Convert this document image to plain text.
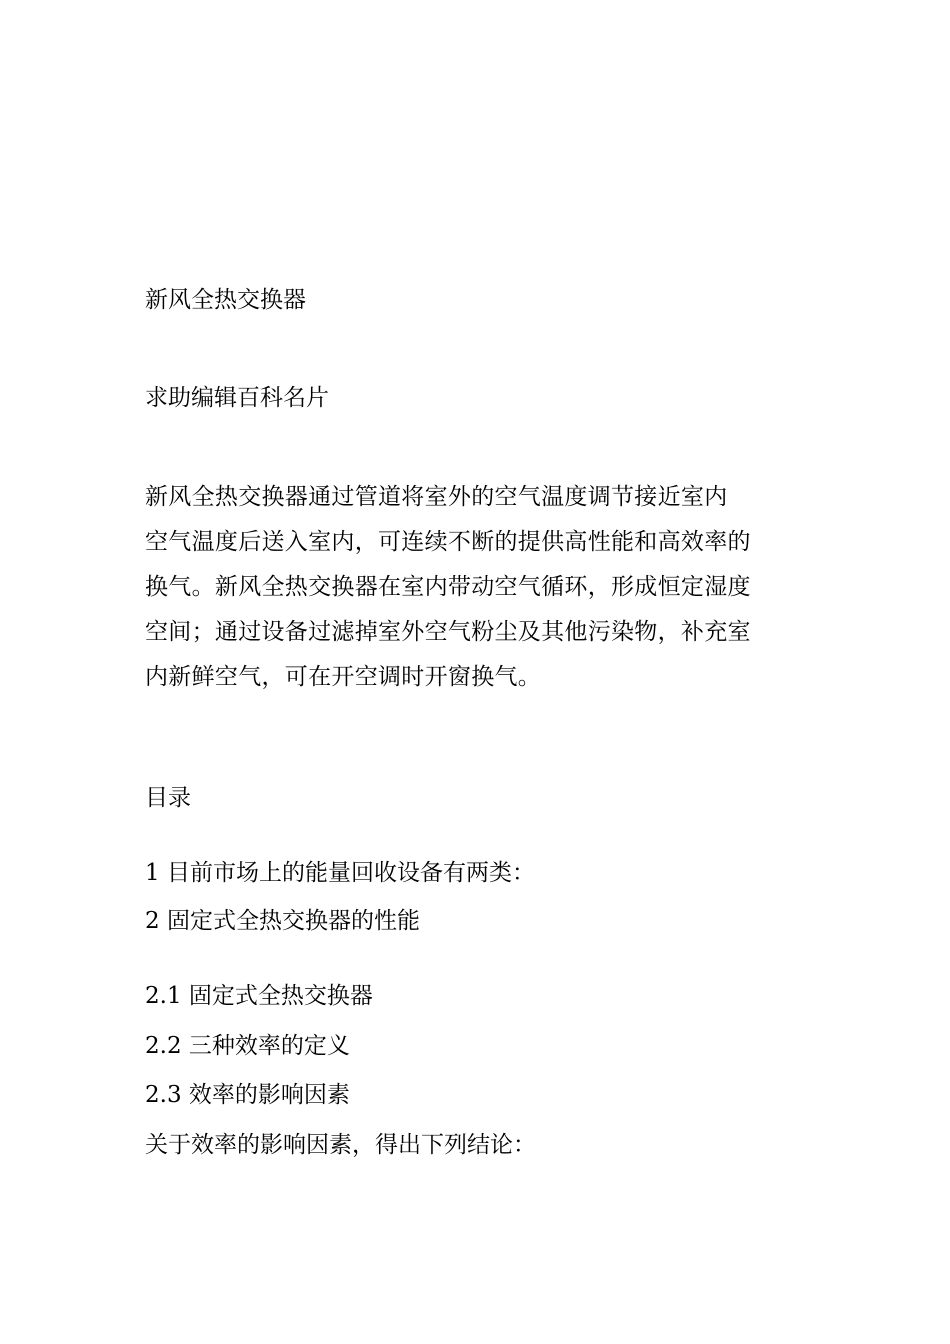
新风全热交换器
求助编辑百科名片
新风全热交换器通过管道将室外的空气温度调节接近室内
空气温度后送入室内，可连续不断的提供高性能和高效率的
换气。新风全热交换器在室内带动空气循环，形成恒定湿度
空间；通过设备过滤掉室外空气粉尘及其他污染物，补充室
内新鲜空气，可在开空调时开窗换气。
目录
1 目前市场上的能量回收设备有两类：
2 固定式全热交换器的性能
2.1 固定式全热交换器
2.2 三种效率的定义
2.3 效率的影响因素
关于效率的影响因素，得出下列结论：
